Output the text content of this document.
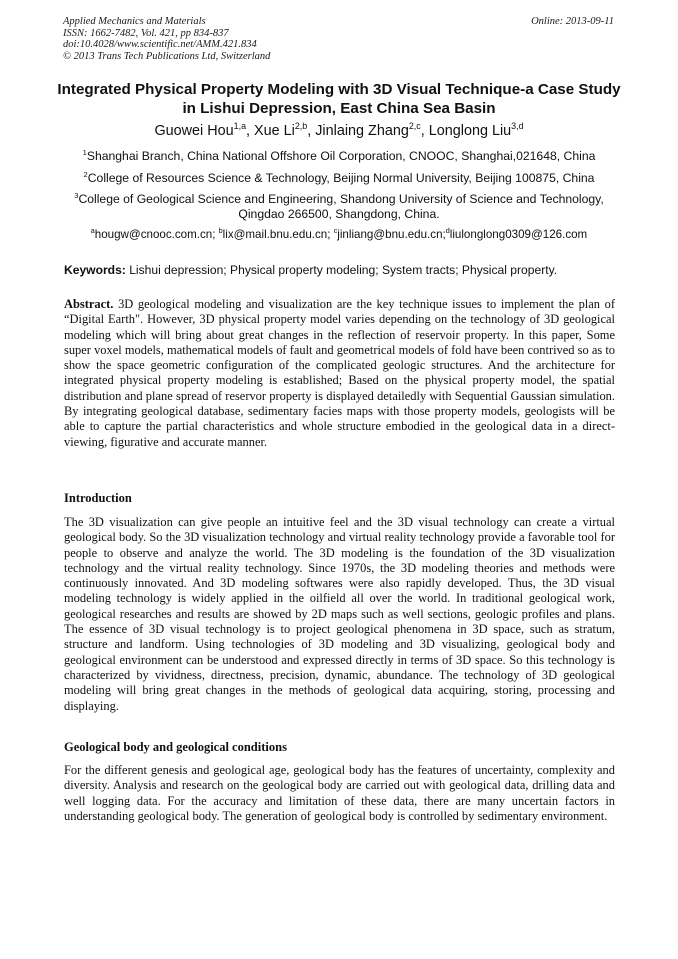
Applied Mechanics and Materials
ISSN: 1662-7482, Vol. 421, pp 834-837
doi:10.4028/www.scientific.net/AMM.421.834
© 2013 Trans Tech Publications Ltd, Switzerland
Online: 2013-09-11
Integrated Physical Property Modeling with 3D Visual Technique-a Case Study in Lishui Depression, East China Sea Basin
Guowei Hou$^{1,a}$, Xue Li$^{2,b}$, Jinlaing Zhang$^{2,c}$, Longlong Liu$^{3,d}$
$^1$Shanghai Branch, China National Offshore Oil Corporation, CNOOC, Shanghai,021648, China
$^2$College of Resources Science & Technology, Beijing Normal University, Beijing 100875, China
$^3$College of Geological Science and Engineering, Shandong University of Science and Technology, Qingdao 266500, Shangdong, China.
$^a$hougw@cnooc.com.cn; $^b$lix@mail.bnu.edu.cn; $^c$jinliang@bnu.edu.cn;$^d$liulonglong0309@126.com
Keywords: Lishui depression; Physical property modeling; System tracts; Physical property.

Abstract. 3D geological modeling and visualization are the key technique issues to implement the plan of “Digital Earth". However, 3D physical property model varies depending on the technology of 3D geological modeling which will bring about great changes in the reflection of reservoir property. In this paper, Some super voxel models, mathematical models of fault and geometrical models of fold have been contrived so as to show the space geometric configuration of the complicated geologic structures. And the architecture for integrated physical property modeling is established; Based on the physical property model, the spatial distribution and plane spread of reservor property is displayed detailedly with Sequential Gaussian simulation. By integrating geological database, sedimentary facies maps with those property models, geologists will be able to capture the partial characteristics and whole structure embodied in the geological data in a direct-viewing, figurative and accurate manner.

Introduction

The 3D visualization can give people an intuitive feel and the 3D visual technology can create a virtual geological body. So the 3D visualization technology and virtual reality technology provide a favorable tool for people to observe and analyze the world. The 3D modeling is the foundation of the 3D visualization technology and the virtual reality technology. Since 1970s, the 3D modeling theories and methods were continuously innovated. And 3D modeling softwares were also rapidly developed. Thus, the 3D visual modeling technology is widely applied in the oilfield all over the world. In traditional geological work, geological researches and results are showed by 2D maps such as well sections, geologic profiles and plans. The essence of 3D visual technology is to project geological phenomena in 3D space, such as stratum, structure and landform. Using technologies of 3D modeling and 3D visualizing, geological body and geological environment can be understood and expressed directly in terms of 3D space. So this technology is characterized by vividness, directness, precision, dynamic, abundance. The technology of 3D geological modeling will bring great changes in the methods of geological data acquiring, storing, processing and displaying.

Geological body and geological conditions

For the different genesis and geological age, geological body has the features of uncertainty, complexity and diversity. Analysis and research on the geological body are carried out with geological data, drilling data and well logging data. For the accuracy and limitation of these data, there are many uncertain factors in understanding geological body. The generation of geological body is controlled by sedimentary environment.
